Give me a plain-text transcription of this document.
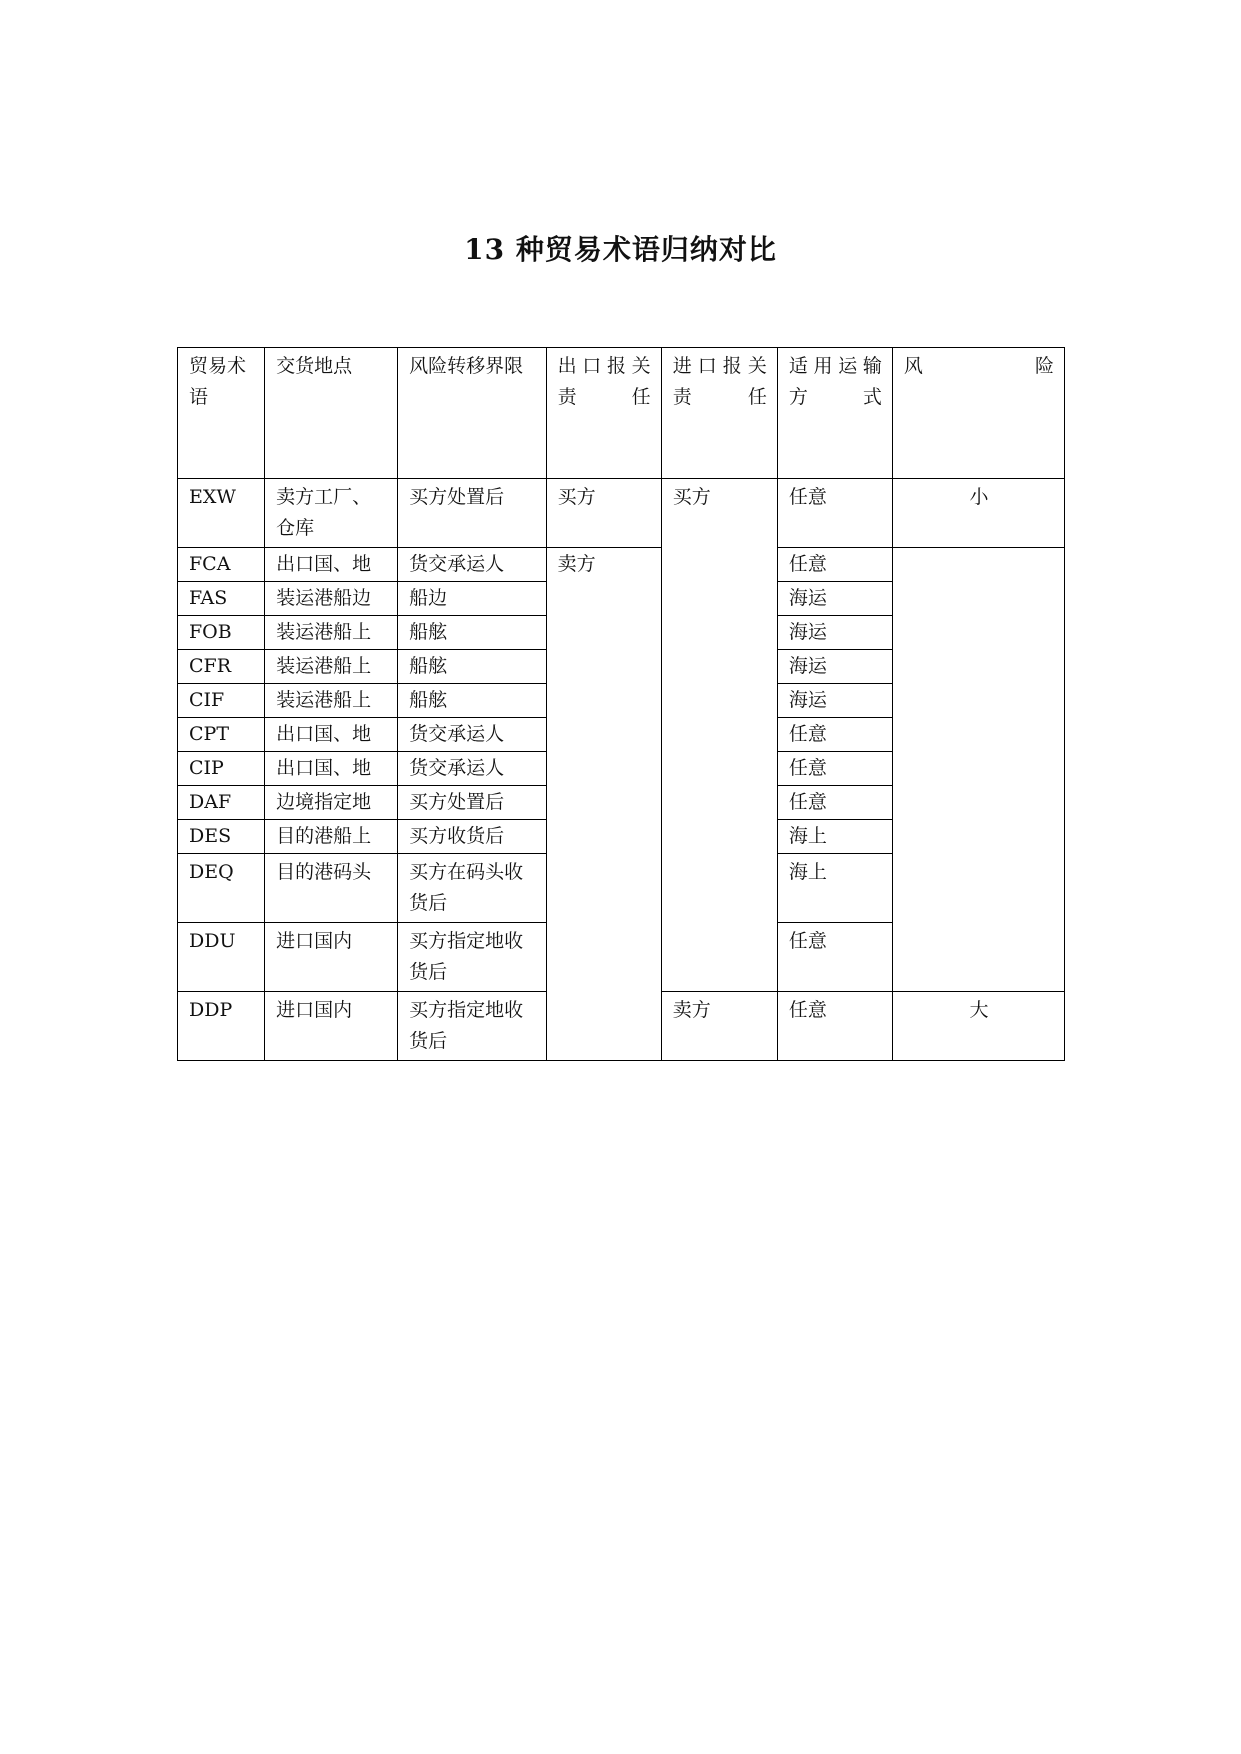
13 种贸易术语归纳对比
贸易术语	交货地点	风险转移界限	出口报关责任	进口报关责任	适用运输方式	风 险

EXW	卖方工厂、仓库	买方处置后	买方	买方	任意	小
FCA	出口国、地	货交承运人	卖方		任意	
FAS	装运港船边	船边			海运	
FOB	装运港船上	船舷			海运	
CFR	装运港船上	船舷			海运	
CIF	装运港船上	船舷			海运	
CPT	出口国、地	货交承运人			任意	
CIP	出口国、地	货交承运人			任意	
DAF	边境指定地	买方处置后			任意	
DES	目的港船上	买方收货后			海上	
DEQ	目的港码头	买方在码头收货后			海上	
DDU	进口国内	买方指定地收货后			任意	
DDP	进口国内	买方指定地收货后		卖方	任意	大
